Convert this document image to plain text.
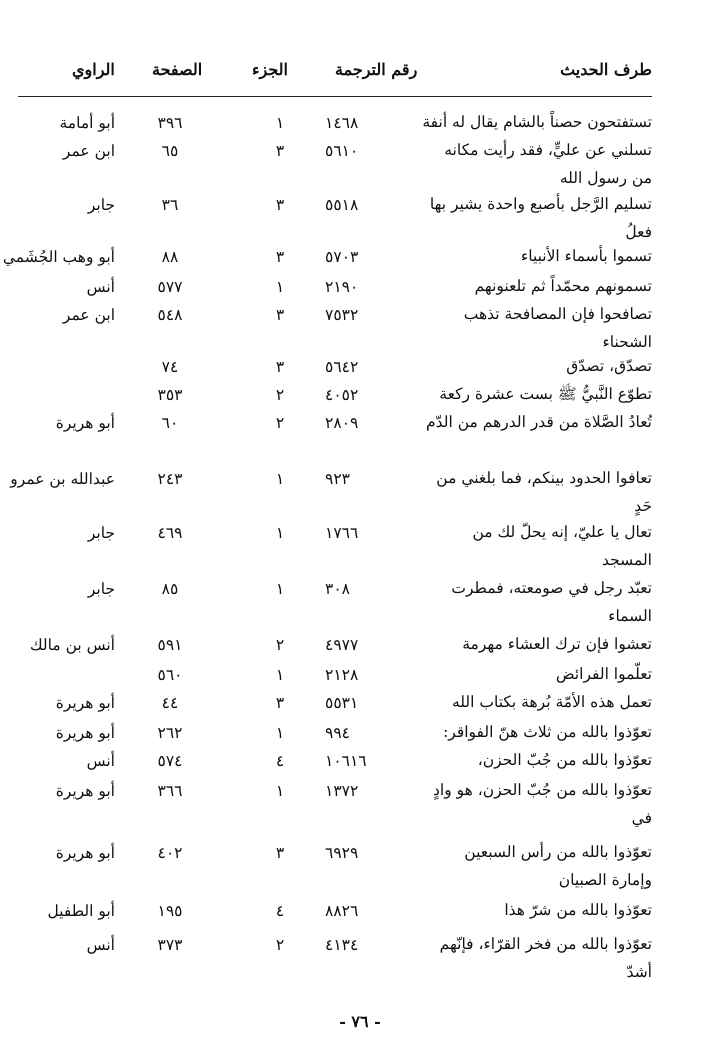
طرف الحديث
رقم الترجمة
الجزء
الصفحة
الراوي
تستفتحون حصناً بالشام يقال له أنفة
١٤٦٨
١
٣٩٦
أبو أمامة
تسلني عن عليٍّ، فقد رأيت مكانه من رسول الله
٥٦١٠
٣
٦٥
ابن عمر
تسليم الرَّجل بأصبع واحدة يشير بها فعلُ
٥٥١٨
٣
٣٦
جابر
تسموا بأسماء الأنبياء
٥٧٠٣
٣
٨٨
أبو وهب الجُشَمي
تسمونهم محمّداً ثم تلعنونهم
٢١٩٠
١
٥٧٧
أنس
تصافحوا فإن المصافحة تذهب الشحناء
٧٥٣٢
٣
٥٤٨
ابن عمر
تصدّق، تصدّق
٥٦٤٢
٣
٧٤
تطوّع النَّبيُّ ﷺ بست عشرة ركعة
٤٠٥٢
٢
٣٥٣
تُعادُ الصَّلاة من قدر الدرهم من الدّم
٢٨٠٩
٢
٦٠
أبو هريرة
تعافوا الحدود بينكم، فما بلغني من حَدٍ
٩٢٣
١
٢٤٣
عبدالله بن عمرو
تعال يا عليّ، إنه يحلّ لك من المسجد
١٧٦٦
١
٤٦٩
جابر
تعبّد رجل في صومعته، فمطرت السماء
٣٠٨
١
٨٥
جابر
تعشوا فإن ترك العشاء مهرمة
٤٩٧٧
٢
٥٩١
أنس بن مالك
تعلّموا الفرائض
٢١٢٨
١
٥٦٠
تعمل هذه الأمّة بُرهة بكتاب الله
٥٥٣١
٣
٤٤
أبو هريرة
تعوّذوا بالله من ثلاث هنّ الفواقر:
٩٩٤
١
٢٦٢
أبو هريرة
تعوّذوا بالله من جُبّ الحزن،
١٠٦١٦
٤
٥٧٤
أنس
تعوّذوا بالله من جُبّ الحزن، هو وادٍ في
١٣٧٢
١
٣٦٦
أبو هريرة
تعوّذوا بالله من رأس السبعين وإمارة الصبيان
٦٩٢٩
٣
٤٠٢
أبو هريرة
تعوّذوا بالله من شرّ هذا
٨٨٢٦
٤
١٩٥
أبو الطفيل
تعوّذوا بالله من فخر القرّاء، فإنّهم أشدّ
٤١٣٤
٢
٣٧٣
أنس
- ٧٦ -
